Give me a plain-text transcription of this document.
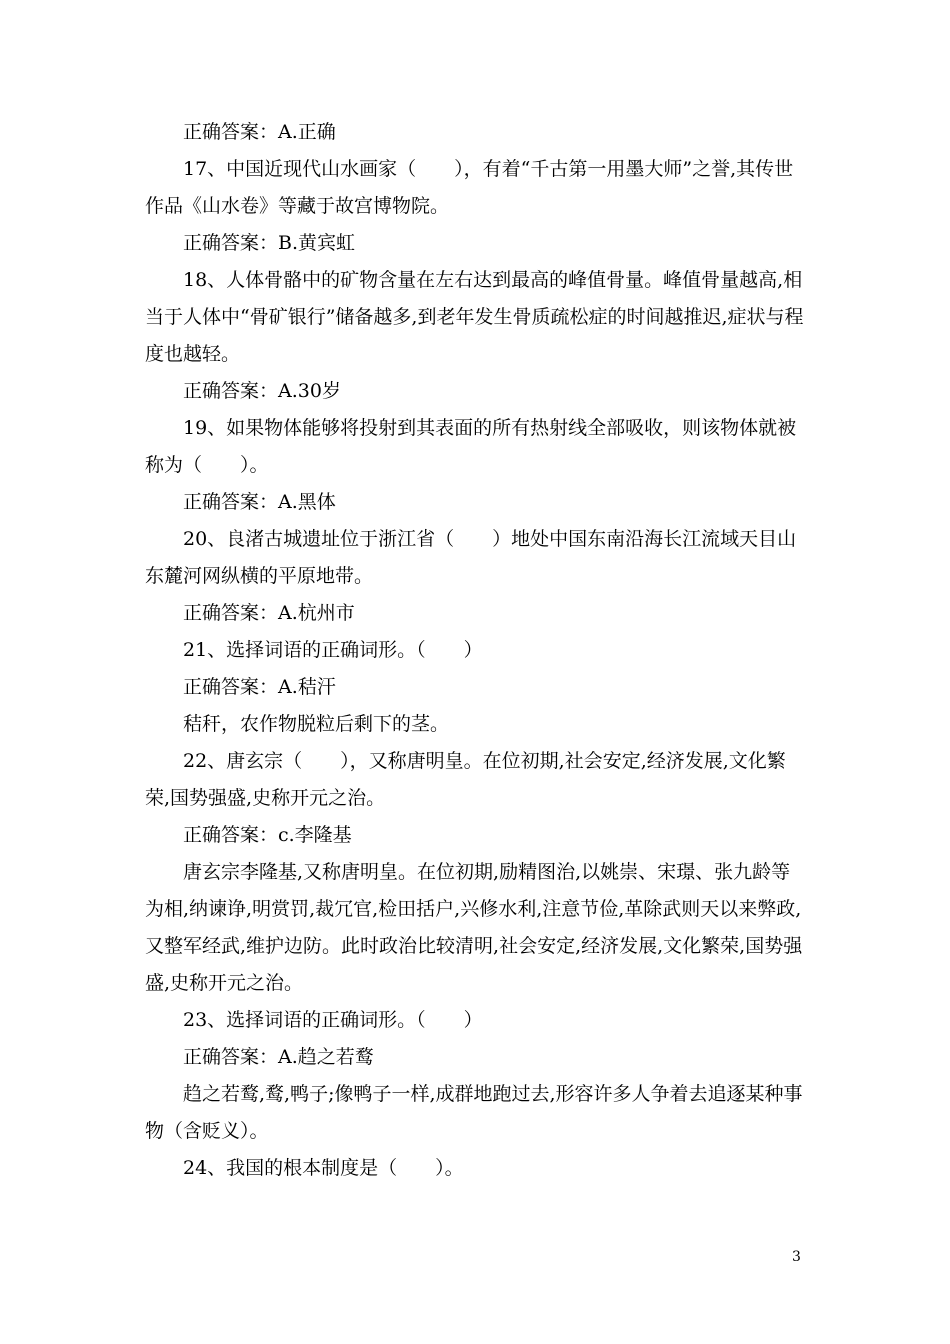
正确答案：A.正确

17、中国近现代山水画家（　　），有着“千古第一用墨大师”之誉,其传世作品《山水卷》等藏于故宫博物院。

正确答案：B.黄宾虹

18、人体骨骼中的矿物含量在左右达到最高的峰值骨量。峰值骨量越高,相当于人体中“骨矿银行”储备越多,到老年发生骨质疏松症的时间越推迟,症状与程度也越轻。

正确答案：A.30岁

19、如果物体能够将投射到其表面的所有热射线全部吸收，则该物体就被称为（　　）。

正确答案：A.黑体

20、良渚古城遗址位于浙江省（　　）地处中国东南沿海长江流域天目山东麓河网纵横的平原地带。

正确答案：A.杭州市

21、选择词语的正确词形。（　　）

正确答案：A.秸汗

秸秆，农作物脱粒后剩下的茎。

22、唐玄宗（　　），又称唐明皇。在位初期,社会安定,经济发展,文化繁荣,国势强盛,史称开元之治。

正确答案：c.李隆基

唐玄宗李隆基,又称唐明皇。在位初期,励精图治,以姚崇、宋璟、张九龄等为相,纳谏诤,明赏罚,裁冗官,检田括户,兴修水利,注意节俭,革除武则天以来弊政,又整军经武,维护边防。此时政治比较清明,社会安定,经济发展,文化繁荣,国势强盛,史称开元之治。

23、选择词语的正确词形。（　　）

正确答案：A.趋之若鹜

趋之若鹜,鹜,鸭子;像鸭子一样,成群地跑过去,形容许多人争着去追逐某种事物（含贬义）。

24、我国的根本制度是（　　）。

3
